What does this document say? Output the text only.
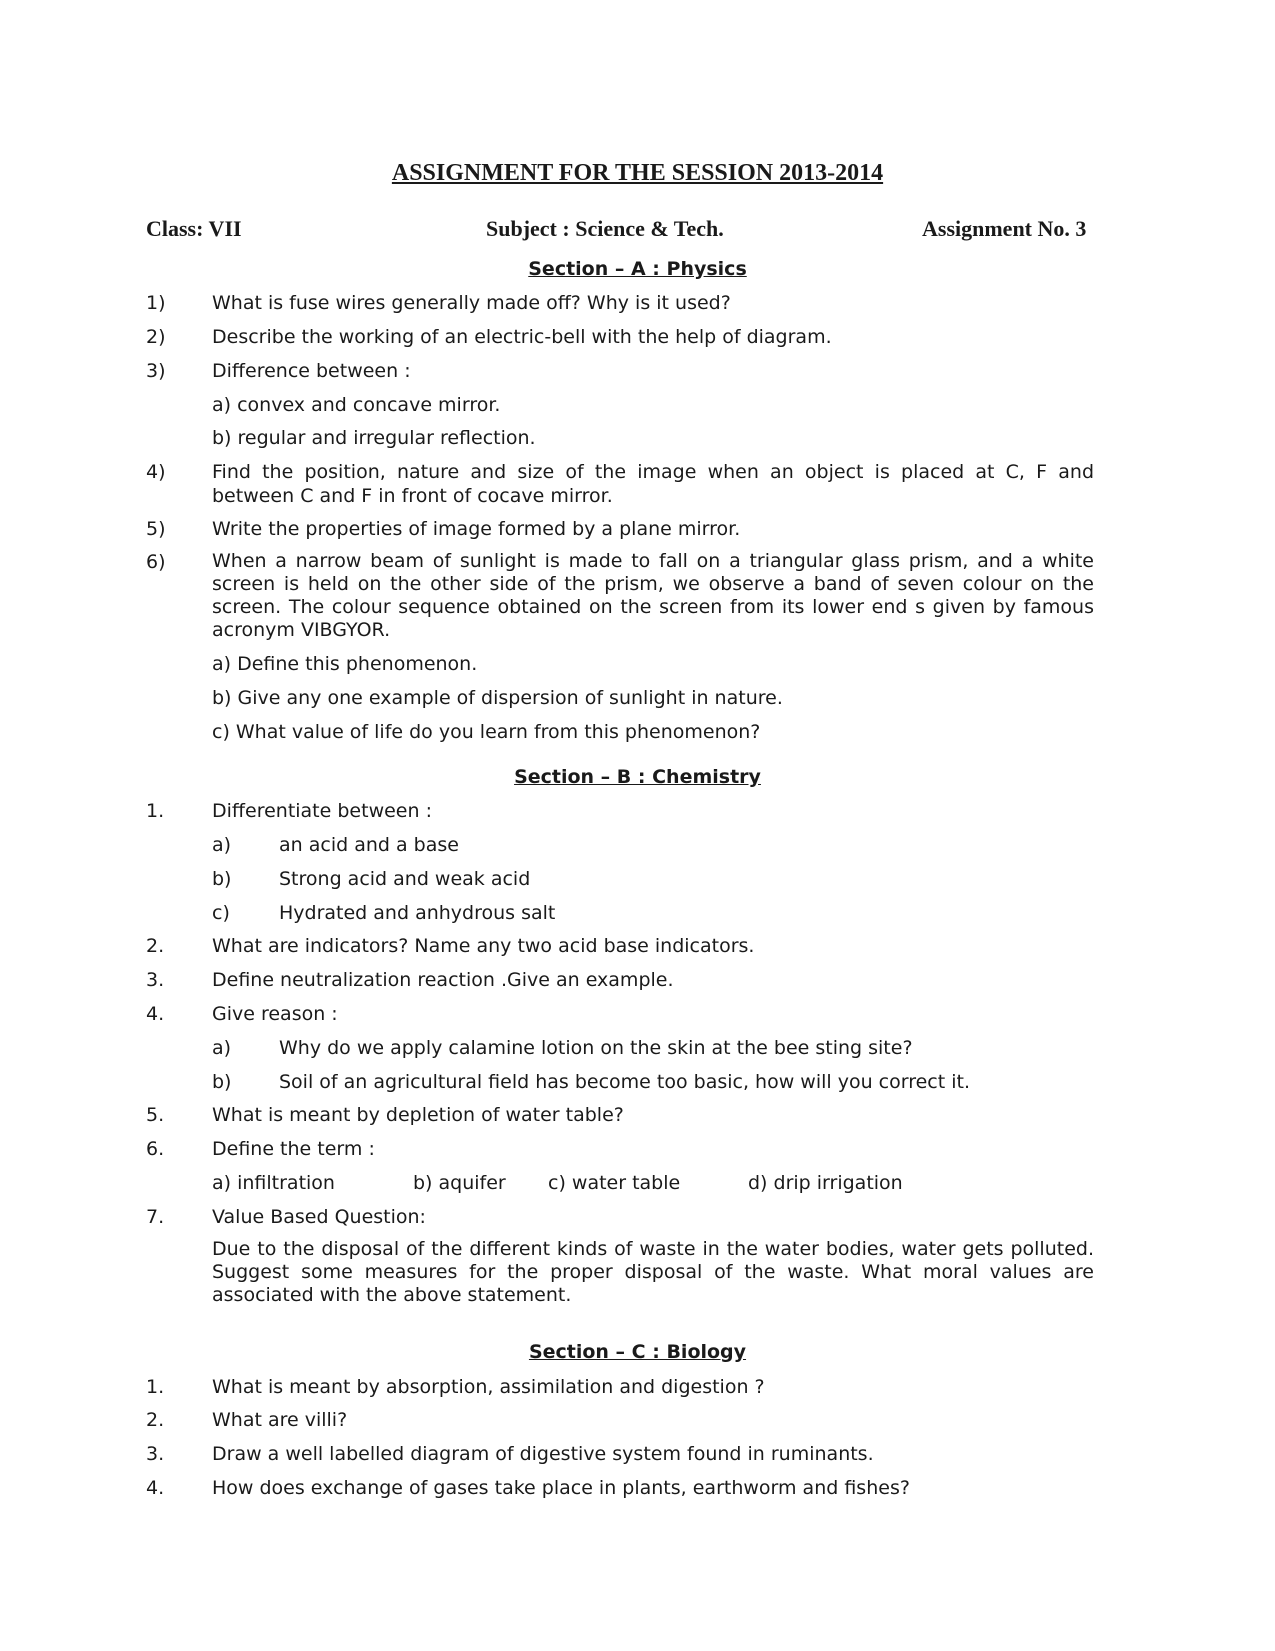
ASSIGNMENT FOR THE SESSION 2013-2014
Class: VII	Subject : Science & Tech.	Assignment No. 3
Section – A : Physics
1) What is fuse wires generally made off? Why is it used?
2) Describe the working of an electric-bell with the help of diagram.
3) Difference between :
a) convex and concave mirror.
b) regular and irregular reflection.
4) Find the position, nature and size of the image when an object is placed at C, F and between C and F in front of cocave mirror.
5) Write the properties of image formed by a plane mirror.
6) When a narrow beam of sunlight is made to fall on a triangular glass prism, and a white screen is held on the other side of the prism, we observe a band of seven colour on the screen. The colour sequence obtained on the screen from its lower end s given by famous acronym VIBGYOR.
a) Define this phenomenon.
b) Give any one example of dispersion of sunlight in nature.
c) What value of life do you learn from this phenomenon?
Section – B : Chemistry
1.	Differentiate between :
a)	an acid and a base
b)	Strong acid and weak acid
c)	Hydrated and anhydrous salt
2.	What are indicators? Name any two acid base indicators.
3.	Define neutralization reaction .Give an example.
4.	Give reason :
a)	Why do we apply calamine lotion on the skin at the bee sting site?
b)	Soil of an agricultural field has become too basic, how will you correct it.
5.	What is meant by depletion of water table?
6.	Define the term :
a) infiltration	b) aquifer c) water table	d) drip irrigation
7.	Value Based Question:
Due to the disposal of the different kinds of waste in the water bodies, water gets polluted. Suggest some measures for the proper disposal of the waste. What moral values are associated with the above statement.
Section – C : Biology
1.	What is meant by absorption, assimilation and digestion ?
2.	What are villi?
3.	Draw a well labelled diagram of digestive system found in ruminants.
4.	How does exchange of gases take place in plants, earthworm and fishes?
